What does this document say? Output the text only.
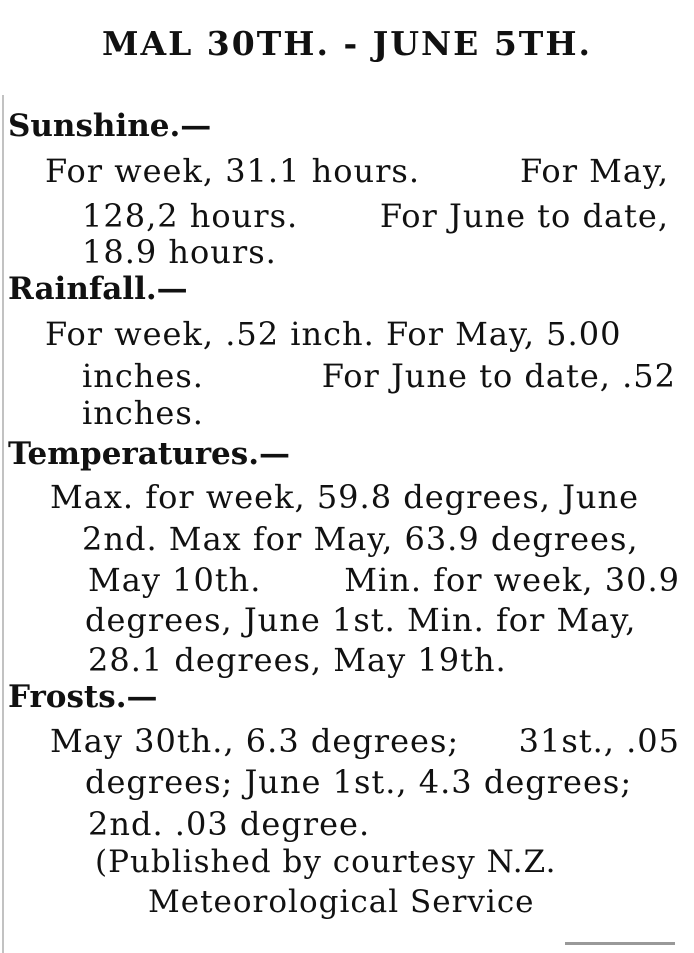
MAL 30TH. - JUNE 5TH.
Sunshine.—
For week, 31.1 hours.	For May,
128,2 hours.	For June to date,
18.9 hours.
Rainfall.—
For week, .52 inch. For May, 5.00
inches.	For June to date, .52
inches.
Temperatures.—
Max. for week, 59.8 degrees, June
2nd. Max for May, 63.9 degrees,
May 10th.	Min. for week, 30.9
degrees, June 1st. Min. for May,
28.1 degrees, May 19th.
Frosts.—
May 30th., 6.3 degrees; 31st., .05
degrees; June 1st., 4.3 degrees;
2nd. .03 degree.
(Published by courtesy N.Z.
Meteorological Service
